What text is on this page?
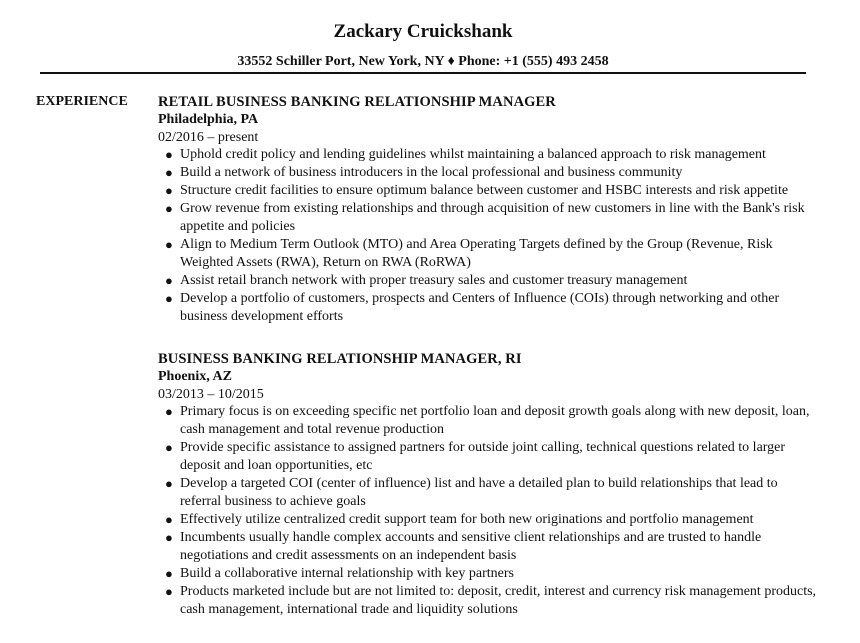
Zackary Cruickshank
33552 Schiller Port, New York, NY ♦ Phone: +1 (555) 493 2458
EXPERIENCE RETAIL BUSINESS BANKING RELATIONSHIP MANAGER
Philadelphia, PA
02/2016 – present
● Uphold credit policy and lending guidelines whilst maintaining a balanced approach to risk management
● Build a network of business introducers in the local professional and business community
● Structure credit facilities to ensure optimum balance between customer and HSBC interests and risk appetite
● Grow revenue from existing relationships and through acquisition of new customers in line with the Bank's risk appetite and policies
● Align to Medium Term Outlook (MTO) and Area Operating Targets defined by the Group (Revenue, Risk Weighted Assets (RWA), Return on RWA (RoRWA)
● Assist retail branch network with proper treasury sales and customer treasury management
● Develop a portfolio of customers, prospects and Centers of Influence (COIs) through networking and other business development efforts
BUSINESS BANKING RELATIONSHIP MANAGER, RI
Phoenix, AZ
03/2013 – 10/2015
● Primary focus is on exceeding specific net portfolio loan and deposit growth goals along with new deposit, loan, cash management and total revenue production
● Provide specific assistance to assigned partners for outside joint calling, technical questions related to larger deposit and loan opportunities, etc
● Develop a targeted COI (center of influence) list and have a detailed plan to build relationships that lead to referral business to achieve goals
● Effectively utilize centralized credit support team for both new originations and portfolio management
● Incumbents usually handle complex accounts and sensitive client relationships and are trusted to handle negotiations and credit assessments on an independent basis
● Build a collaborative internal relationship with key partners
● Products marketed include but are not limited to: deposit, credit, interest and currency risk management products, cash management, international trade and liquidity solutions
